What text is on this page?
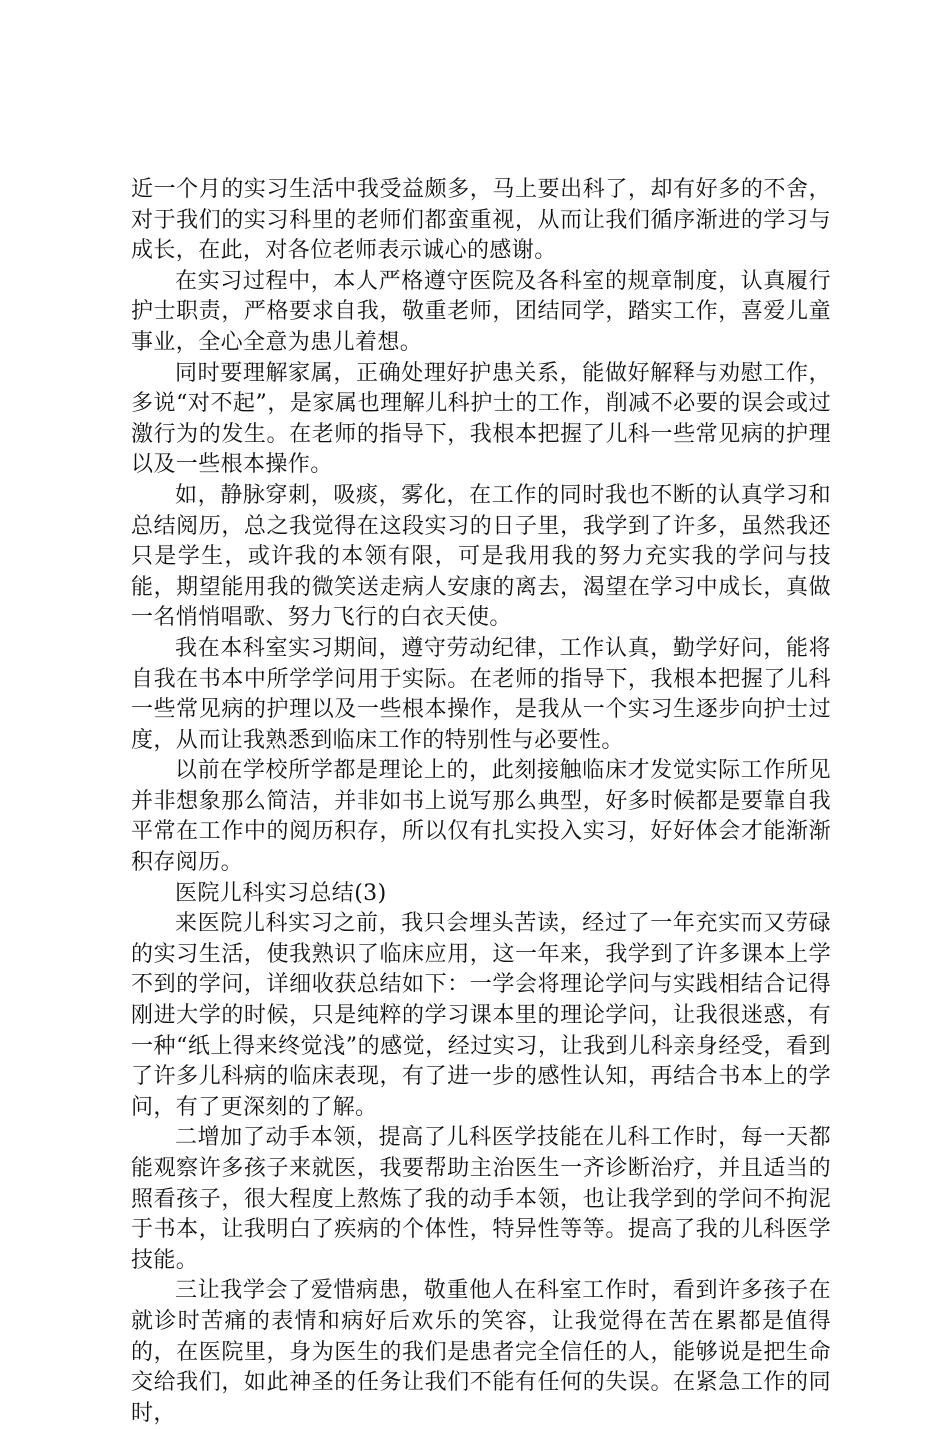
近一个月的实习生活中我受益颇多，马上要出科了，却有好多的不舍，对于我们的实习科里的老师们都蛮重视，从而让我们循序渐进的学习与成长，在此，对各位老师表示诚心的感谢。

在实习过程中，本人严格遵守医院及各科室的规章制度，认真履行护士职责，严格要求自我，敬重老师，团结同学，踏实工作，喜爱儿童事业，全心全意为患儿着想。

同时要理解家属，正确处理好护患关系，能做好解释与劝慰工作，多说“对不起”，是家属也理解儿科护士的工作，削减不必要的误会或过激行为的发生。在老师的指导下，我根本把握了儿科一些常见病的护理以及一些根本操作。

如，静脉穿刺，吸痰，雾化，在工作的同时我也不断的认真学习和总结阅历，总之我觉得在这段实习的日子里，我学到了许多，虽然我还只是学生，或许我的本领有限，可是我用我的努力充实我的学问与技能，期望能用我的微笑送走病人安康的离去，渴望在学习中成长，真做一名悄悄唱歌、努力飞行的白衣天使。

我在本科室实习期间，遵守劳动纪律，工作认真，勤学好问，能将自我在书本中所学学问用于实际。在老师的指导下，我根本把握了儿科一些常见病的护理以及一些根本操作，是我从一个实习生逐步向护士过度，从而让我熟悉到临床工作的特别性与必要性。

以前在学校所学都是理论上的，此刻接触临床才发觉实际工作所见并非想象那么简洁，并非如书上说写那么典型，好多时候都是要靠自我平常在工作中的阅历积存，所以仅有扎实投入实习，好好体会才能渐渐积存阅历。

医院儿科实习总结(3)

来医院儿科实习之前，我只会埋头苦读，经过了一年充实而又劳碌的实习生活，使我熟识了临床应用，这一年来，我学到了许多课本上学不到的学问，详细收获总结如下：一学会将理论学问与实践相结合记得刚进大学的时候，只是纯粹的学习课本里的理论学问，让我很迷惑，有一种“纸上得来终觉浅”的感觉，经过实习，让我到儿科亲身经受，看到了许多儿科病的临床表现，有了进一步的感性认知，再结合书本上的学问，有了更深刻的了解。

二增加了动手本领，提高了儿科医学技能在儿科工作时，每一天都能观察许多孩子来就医，我要帮助主治医生一齐诊断治疗，并且适当的照看孩子，很大程度上熬炼了我的动手本领，也让我学到的学问不拘泥于书本，让我明白了疾病的个体性，特异性等等。提高了我的儿科医学技能。

三让我学会了爱惜病患，敬重他人在科室工作时，看到许多孩子在就诊时苦痛的表情和病好后欢乐的笑容，让我觉得在苦在累都是值得的，在医院里，身为医生的我们是患者完全信任的人，能够说是把生命交给我们，如此神圣的任务让我们不能有任何的失误。在紧急工作的同时，
